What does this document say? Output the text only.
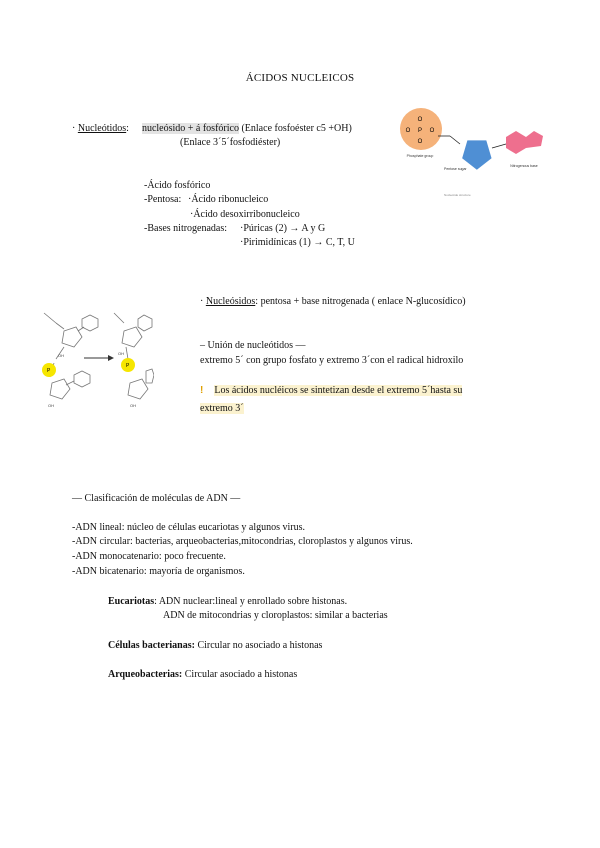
ÁCIDOS NUCLEICOS
· Nucleótidos: nucleósido + á fosfórico (Enlace fosfoéster c5 +OH)
(Enlace 3´5´fosfodiéster)
O
O P O
O
Phosphate group
Pentose sugar
Nitrogenous base
Nucleotide structure
-Ácido fosfórico
-Pentosa: ·Ácido ribonucleico
·Ácido desoxirribonucleico
-Bases nitrogenadas: ·Púricas (2) → A y G
·Pirimidínicas (1) → C, T, U
P
P
OH	OH
OH	OH
· Nucleósidos: pentosa + base nitrogenada ( enlace N-glucosídico)
– Unión de nucleótidos —
extremo 5´ con grupo fosfato y extremo 3´con el radical hidroxilo
! Los ácidos nucléicos se sintetizan desde el extremo 5´hasta su
extremo 3´
— Clasificación de moléculas de ADN —
-ADN lineal: núcleo de células eucariotas y algunos virus.
-ADN circular: bacterias, arqueobacterias,mitocondrias, cloroplastos y algunos virus.
-ADN monocatenario: poco frecuente.
-ADN bicatenario: mayoría de organismos.
Eucariotas: ADN nuclear:lineal y enrollado sobre histonas.
ADN de mitocondrias y cloroplastos: similar a bacterias
Células bacterianas: Circular no asociado a histonas
Arqueobacterias: Circular asociado a histonas
